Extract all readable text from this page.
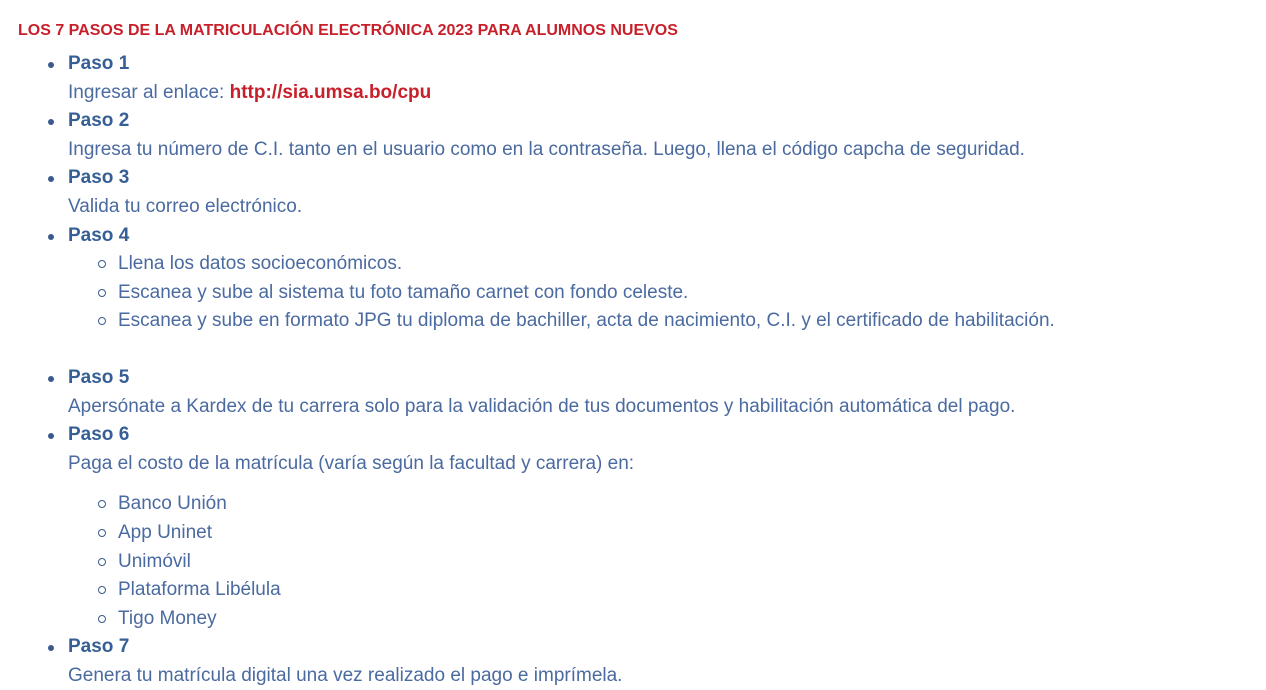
LOS 7 PASOS DE LA MATRICULACIÓN ELECTRÓNICA 2023 PARA ALUMNOS NUEVOS
Paso 1
Ingresar al enlace: http://sia.umsa.bo/cpu
Paso 2
Ingresa tu número de C.I. tanto en el usuario como en la contraseña. Luego, llena el código capcha de seguridad.
Paso 3
Valida tu correo electrónico.
Paso 4
Llena los datos socioeconómicos.
Escanea y sube al sistema tu foto tamaño carnet con fondo celeste.
Escanea y sube en formato JPG tu diploma de bachiller, acta de nacimiento, C.I. y el certificado de habilitación.
Paso 5
Apersónate a Kardex de tu carrera solo para la validación de tus documentos y habilitación automática del pago.
Paso 6
Paga el costo de la matrícula (varía según la facultad y carrera) en:
Banco Unión
App Uninet
Unimóvil
Plataforma Libélula
Tigo Money
Paso 7
Genera tu matrícula digital una vez realizado el pago e imprímela.
